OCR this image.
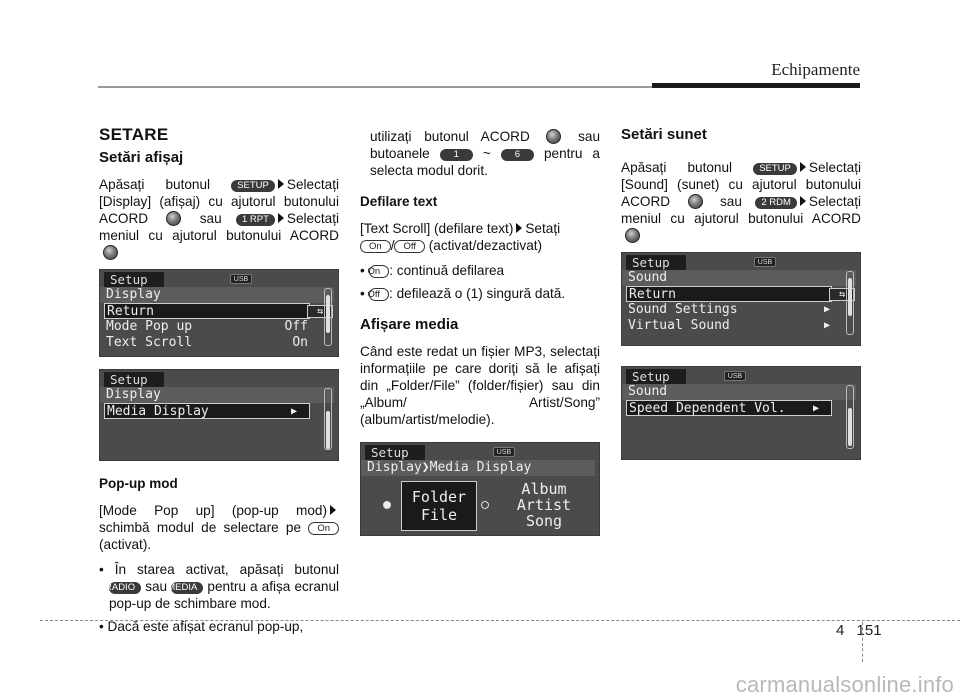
Echipamente
SETARE
Setări afișaj

Apăsați butonul	SETUP Selectați [Display] (afișaj) cu ajutorul butonului ACORD	sau 1 RPT Selectați meniul cu ajutorul butonului ACORD

Setup	USB
Display
Return	⇆
Mode Pop up	Off
Text Scroll	On
Setup
Display
Media Display	▶
Pop-up mod

[Mode Pop up] (pop-up mod) schimbă modul de selectare pe On (activat).

• În starea activat, apăsați butonul RADIO sau MEDIA pentru a afișa ecranul pop-up de schimbare mod.

• Dacă este afișat ecranul pop-up,

utilizați butonul ACORD	sau butoanele	1 ~	6 pentru a selecta modul dorit.

Defilare text

[Text Scroll] (defilare text) Setați
On / Off (activat/dezactivat)

• On : continuă defilarea

• Off : defilează o (1) singură dată.

Afișare media

Când este redat un fișier MP3, selectați informațiile pe care doriți să le afișați din „Folder/File” (folder/fișier) sau din „Album/ Artist/Song” (album/artist/melodie).

Setup	USB
Display❯Media Display
Folder
File
Album
Artist
Song
Setări sunet

Apăsați butonul	SETUP Selectați [Sound] (sunet) cu ajutorul butonului ACORD	sau 2 RDM Selectați meniul cu ajutorul butonului ACORD

Setup	USB
Sound
Return	⇆
Sound Settings	▶
Virtual Sound	▶
Setup	USB
Sound
Speed Dependent Vol.	▶
4 151
carmanualsonline.info
